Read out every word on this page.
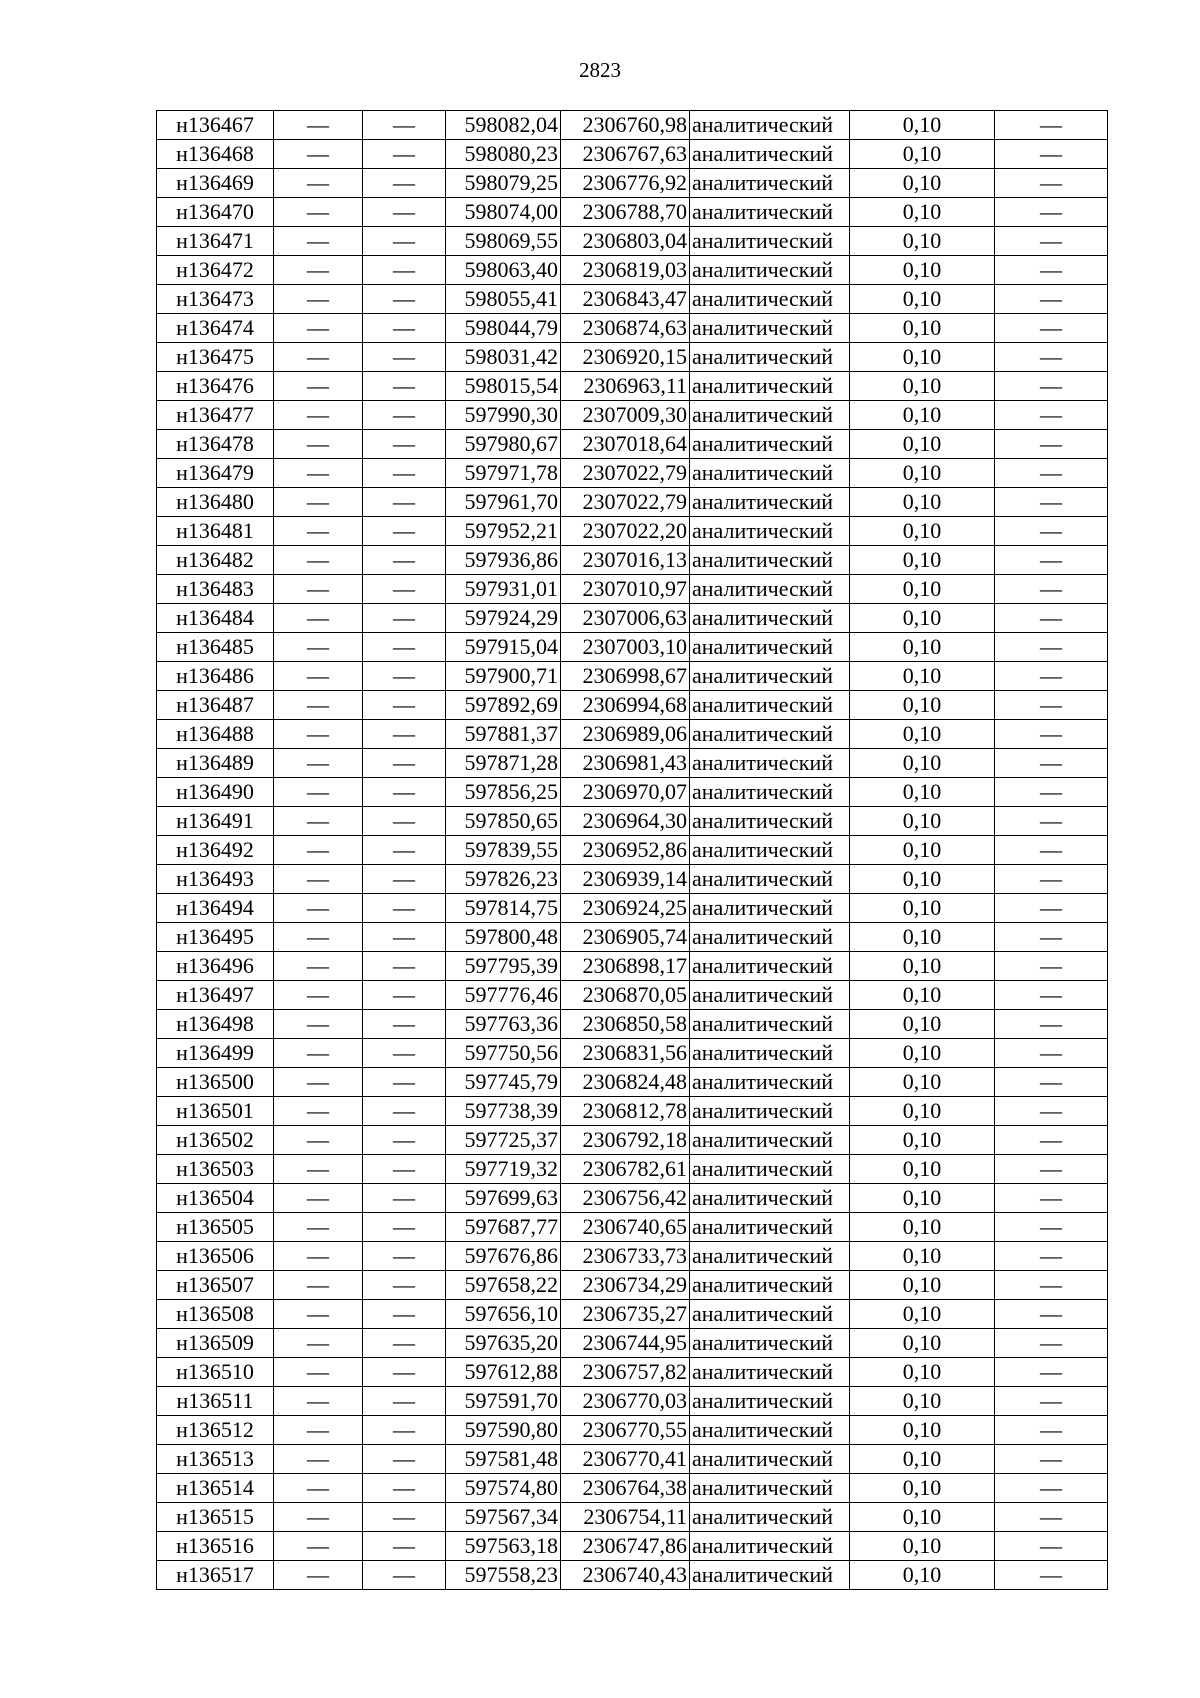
2823
н136467	—	—	598082,04	2306760,98	аналитический	0,10	—
н136468	—	—	598080,23	2306767,63	аналитический	0,10	—
н136469	—	—	598079,25	2306776,92	аналитический	0,10	—
н136470	—	—	598074,00	2306788,70	аналитический	0,10	—
н136471	—	—	598069,55	2306803,04	аналитический	0,10	—
н136472	—	—	598063,40	2306819,03	аналитический	0,10	—
н136473	—	—	598055,41	2306843,47	аналитический	0,10	—
н136474	—	—	598044,79	2306874,63	аналитический	0,10	—
н136475	—	—	598031,42	2306920,15	аналитический	0,10	—
н136476	—	—	598015,54	2306963,11	аналитический	0,10	—
н136477	—	—	597990,30	2307009,30	аналитический	0,10	—
н136478	—	—	597980,67	2307018,64	аналитический	0,10	—
н136479	—	—	597971,78	2307022,79	аналитический	0,10	—
н136480	—	—	597961,70	2307022,79	аналитический	0,10	—
н136481	—	—	597952,21	2307022,20	аналитический	0,10	—
н136482	—	—	597936,86	2307016,13	аналитический	0,10	—
н136483	—	—	597931,01	2307010,97	аналитический	0,10	—
н136484	—	—	597924,29	2307006,63	аналитический	0,10	—
н136485	—	—	597915,04	2307003,10	аналитический	0,10	—
н136486	—	—	597900,71	2306998,67	аналитический	0,10	—
н136487	—	—	597892,69	2306994,68	аналитический	0,10	—
н136488	—	—	597881,37	2306989,06	аналитический	0,10	—
н136489	—	—	597871,28	2306981,43	аналитический	0,10	—
н136490	—	—	597856,25	2306970,07	аналитический	0,10	—
н136491	—	—	597850,65	2306964,30	аналитический	0,10	—
н136492	—	—	597839,55	2306952,86	аналитический	0,10	—
н136493	—	—	597826,23	2306939,14	аналитический	0,10	—
н136494	—	—	597814,75	2306924,25	аналитический	0,10	—
н136495	—	—	597800,48	2306905,74	аналитический	0,10	—
н136496	—	—	597795,39	2306898,17	аналитический	0,10	—
н136497	—	—	597776,46	2306870,05	аналитический	0,10	—
н136498	—	—	597763,36	2306850,58	аналитический	0,10	—
н136499	—	—	597750,56	2306831,56	аналитический	0,10	—
н136500	—	—	597745,79	2306824,48	аналитический	0,10	—
н136501	—	—	597738,39	2306812,78	аналитический	0,10	—
н136502	—	—	597725,37	2306792,18	аналитический	0,10	—
н136503	—	—	597719,32	2306782,61	аналитический	0,10	—
н136504	—	—	597699,63	2306756,42	аналитический	0,10	—
н136505	—	—	597687,77	2306740,65	аналитический	0,10	—
н136506	—	—	597676,86	2306733,73	аналитический	0,10	—
н136507	—	—	597658,22	2306734,29	аналитический	0,10	—
н136508	—	—	597656,10	2306735,27	аналитический	0,10	—
н136509	—	—	597635,20	2306744,95	аналитический	0,10	—
н136510	—	—	597612,88	2306757,82	аналитический	0,10	—
н136511	—	—	597591,70	2306770,03	аналитический	0,10	—
н136512	—	—	597590,80	2306770,55	аналитический	0,10	—
н136513	—	—	597581,48	2306770,41	аналитический	0,10	—
н136514	—	—	597574,80	2306764,38	аналитический	0,10	—
н136515	—	—	597567,34	2306754,11	аналитический	0,10	—
н136516	—	—	597563,18	2306747,86	аналитический	0,10	—
н136517	—	—	597558,23	2306740,43	аналитический	0,10	—
